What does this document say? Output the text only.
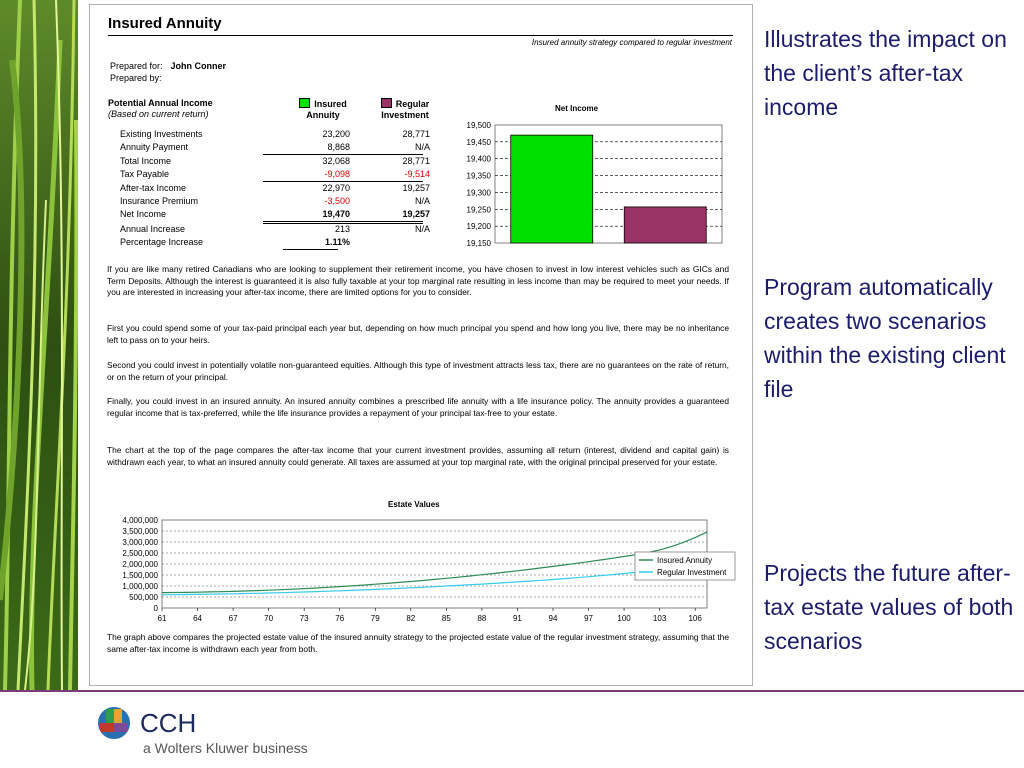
Insured Annuity
Insured annuity strategy compared to regular investment
Prepared for: John Conner
Prepared by:
Potential Annual Income
(Based on current return)
Insured
Annuity
Regular
Investment
Existing Investments	23,200	28,771
Annuity Payment	8,868	N/A
Total Income	32,068	28,771
Tax Payable	-9,098	-9,514
After-tax Income	22,970	19,257
Insurance Premium	-3,500	N/A
Net Income	19,470	19,257
Annual Increase	213	N/A
Percentage Increase	1.11%
Net Income
19,150
19,200
19,250
19,300
19,350
19,400
19,450
19,500
If you are like many retired Canadians who are looking to supplement their retirement income, you have chosen to invest in low interest vehicles such as GICs and Term Deposits. Although the interest is guaranteed it is also fully taxable at your top marginal rate resulting in less income than may be required to meet your needs. If you are interested in increasing your after-tax income, there are limited options for you to consider.
First you could spend some of your tax-paid principal each year but, depending on how much principal you spend and how long you live, there may be no inheritance left to pass on to your heirs.
Second you could invest in potentially volatile non-guaranteed equities. Although this type of investment attracts less tax, there are no guarantees on the rate of return, or on the return of your principal.
Finally, you could invest in an insured annuity. An insured annuity combines a prescribed life annuity with a life insurance policy. The annuity provides a guaranteed regular income that is tax-preferred, while the life insurance provides a repayment of your principal tax-free to your estate.
The chart at the top of the page compares the after-tax income that your current investment provides, assuming all return (interest, dividend and capital gain) is withdrawn each year, to what an insured annuity could generate. All taxes are assumed at your top marginal rate, with the original principal preserved for your estate.
Estate Values
0
500,000
1,000,000
1,500,000
2,000,000
2,500,000
3,000,000
3,500,000
4,000,000
61	64	67	70	73	76	79	82	85	88	91	94	97	100	103	106
Insured Annuity
Regular Investment
The graph above compares the projected estate value of the insured annuity strategy to the projected estate value of the regular investment strategy, assuming that the same after-tax income is withdrawn each year from both.
Illustrates the impact on the client’s after-tax income
Program automatically creates two scenarios within the existing client file
Projects the future after-tax estate values of both scenarios
CCH
a Wolters Kluwer business
